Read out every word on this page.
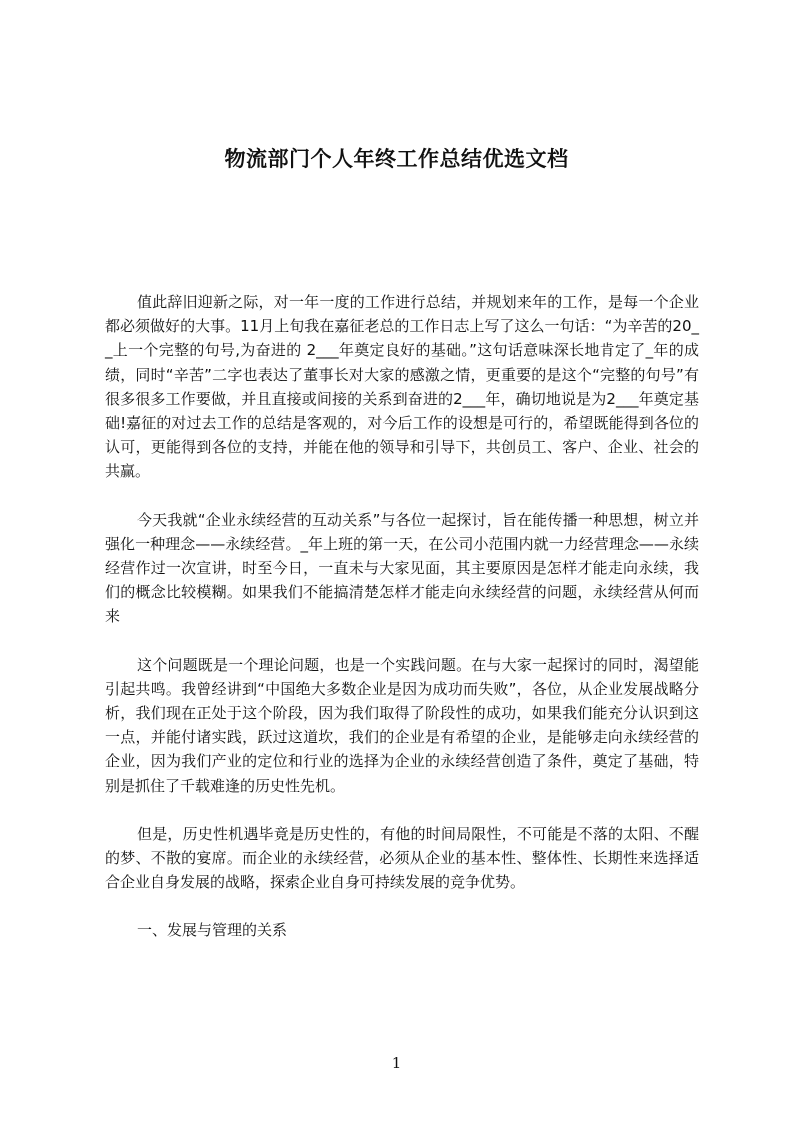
物流部门个人年终工作总结优选文档

值此辞旧迎新之际，对一年一度的工作进行总结，并规划来年的工作，是每一个企业都必须做好的大事。11月上旬我在嘉征老总的工作日志上写了这么一句话：“为辛苦的20__上一个完整的句号,为奋进的 2___年奠定良好的基础。”这句话意味深长地肯定了_年的成绩，同时“辛苦”二字也表达了董事长对大家的感激之情，更重要的是这个“完整的句号”有很多很多工作要做，并且直接或间接的关系到奋进的2___年，确切地说是为2___年奠定基础!嘉征的对过去工作的总结是客观的，对今后工作的设想是可行的，希望既能得到各位的认可，更能得到各位的支持，并能在他的领导和引导下，共创员工、客户、企业、社会的共赢。

今天我就“企业永续经营的互动关系”与各位一起探讨，旨在能传播一种思想，树立并强化一种理念——永续经营。_年上班的第一天，在公司小范围内就一力经营理念——永续经营作过一次宣讲，时至今日，一直未与大家见面，其主要原因是怎样才能走向永续，我们的概念比较模糊。如果我们不能搞清楚怎样才能走向永续经营的问题，永续经营从何而来

这个问题既是一个理论问题，也是一个实践问题。在与大家一起探讨的同时，渴望能引起共鸣。我曾经讲到“中国绝大多数企业是因为成功而失败”，各位，从企业发展战略分析，我们现在正处于这个阶段，因为我们取得了阶段性的成功，如果我们能充分认识到这一点，并能付诸实践，跃过这道坎，我们的企业是有希望的企业，是能够走向永续经营的企业，因为我们产业的定位和行业的选择为企业的永续经营创造了条件，奠定了基础，特别是抓住了千载难逢的历史性先机。

但是，历史性机遇毕竟是历史性的，有他的时间局限性，不可能是不落的太阳、不醒的梦、不散的宴席。而企业的永续经营，必须从企业的基本性、整体性、长期性来选择适合企业自身发展的战略，探索企业自身可持续发展的竞争优势。

一、发展与管理的关系

1
